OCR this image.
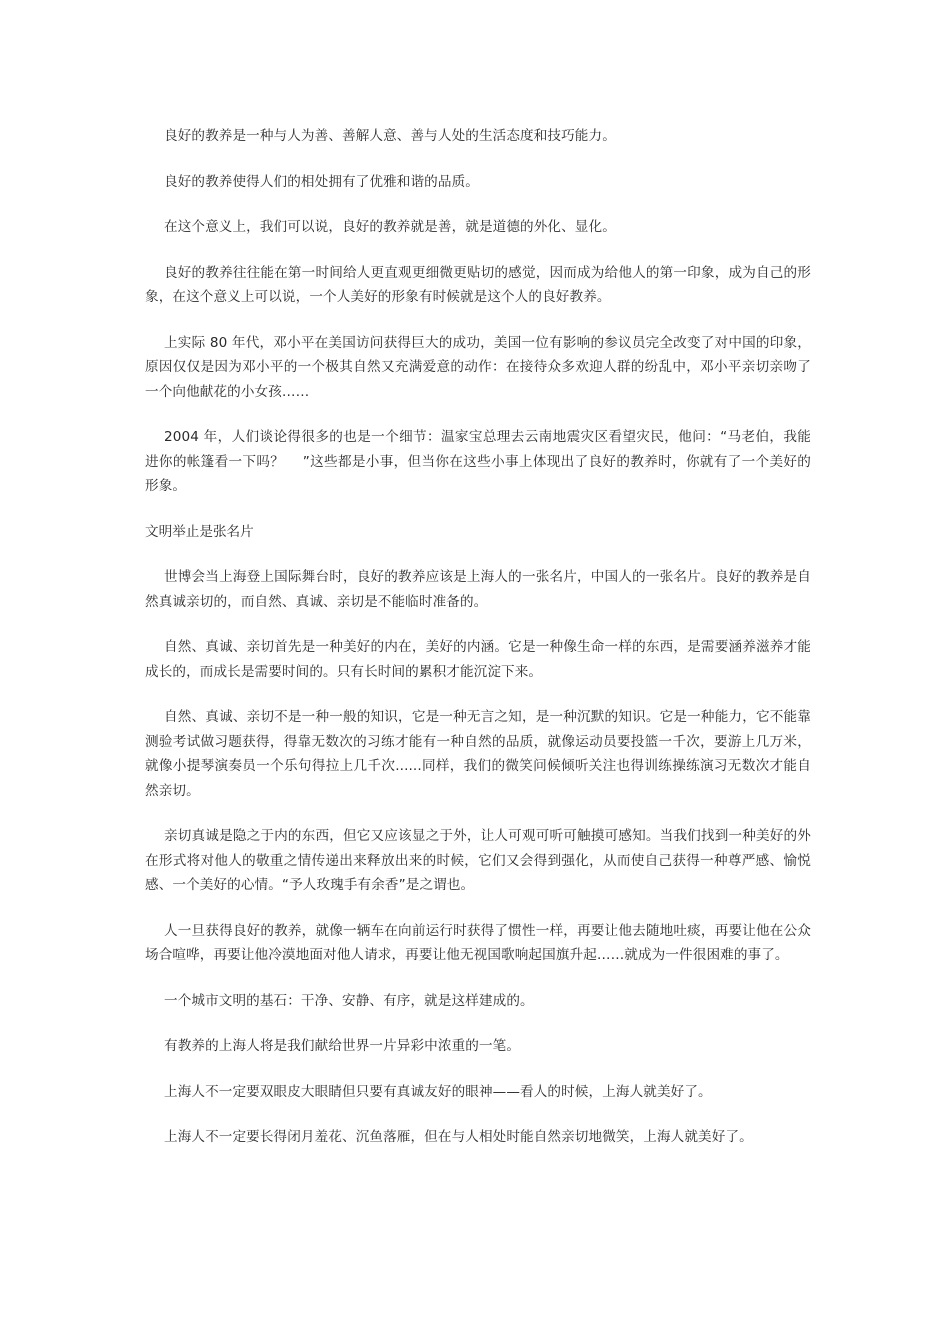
良好的教养是一种与人为善、善解人意、善与人处的生活态度和技巧能力。

良好的教养使得人们的相处拥有了优雅和谐的品质。

在这个意义上，我们可以说，良好的教养就是善，就是道德的外化、显化。

良好的教养往往能在第一时间给人更直观更细微更贴切的感觉，因而成为给他人的第一印象，成为自己的形象，在这个意义上可以说，一个人美好的形象有时候就是这个人的良好教养。

上实际 80 年代，邓小平在美国访问获得巨大的成功，美国一位有影响的参议员完全改变了对中国的印象，原因仅仅是因为邓小平的一个极其自然又充满爱意的动作：在接待众多欢迎人群的纷乱中，邓小平亲切亲吻了一个向他献花的小女孩……

2004 年，人们谈论得很多的也是一个细节：温家宝总理去云南地震灾区看望灾民，他问：“马老伯，我能进你的帐篷看一下吗？　 ”这些都是小事，但当你在这些小事上体现出了良好的教养时，你就有了一个美好的形象。

文明举止是张名片

世博会当上海登上国际舞台时，良好的教养应该是上海人的一张名片，中国人的一张名片。良好的教养是自然真诚亲切的，而自然、真诚、亲切是不能临时准备的。

自然、真诚、亲切首先是一种美好的内在，美好的内涵。它是一种像生命一样的东西，是需要涵养滋养才能成长的，而成长是需要时间的。只有长时间的累积才能沉淀下来。

自然、真诚、亲切不是一种一般的知识，它是一种无言之知，是一种沉默的知识。它是一种能力，它不能靠测验考试做习题获得，得靠无数次的习练才能有一种自然的品质，就像运动员要投篮一千次，要游上几万米，就像小提琴演奏员一个乐句得拉上几千次......同样，我们的微笑问候倾听关注也得训练操练演习无数次才能自然亲切。

亲切真诚是隐之于内的东西，但它又应该显之于外，让人可观可听可触摸可感知。当我们找到一种美好的外在形式将对他人的敬重之情传递出来释放出来的时候，它们又会得到强化，从而使自己获得一种尊严感、愉悦感、一个美好的心情。“予人玫瑰手有余香”是之谓也。

人一旦获得良好的教养，就像一辆车在向前运行时获得了惯性一样，再要让他去随地吐痰，再要让他在公众场合喧哗，再要让他冷漠地面对他人请求，再要让他无视国歌响起国旗升起……就成为一件很困难的事了。

一个城市文明的基石：干净、安静、有序，就是这样建成的。

有教养的上海人将是我们献给世界一片异彩中浓重的一笔。

上海人不一定要双眼皮大眼睛但只要有真诚友好的眼神——看人的时候，上海人就美好了。

上海人不一定要长得闭月羞花、沉鱼落雁，但在与人相处时能自然亲切地微笑，上海人就美好了。
